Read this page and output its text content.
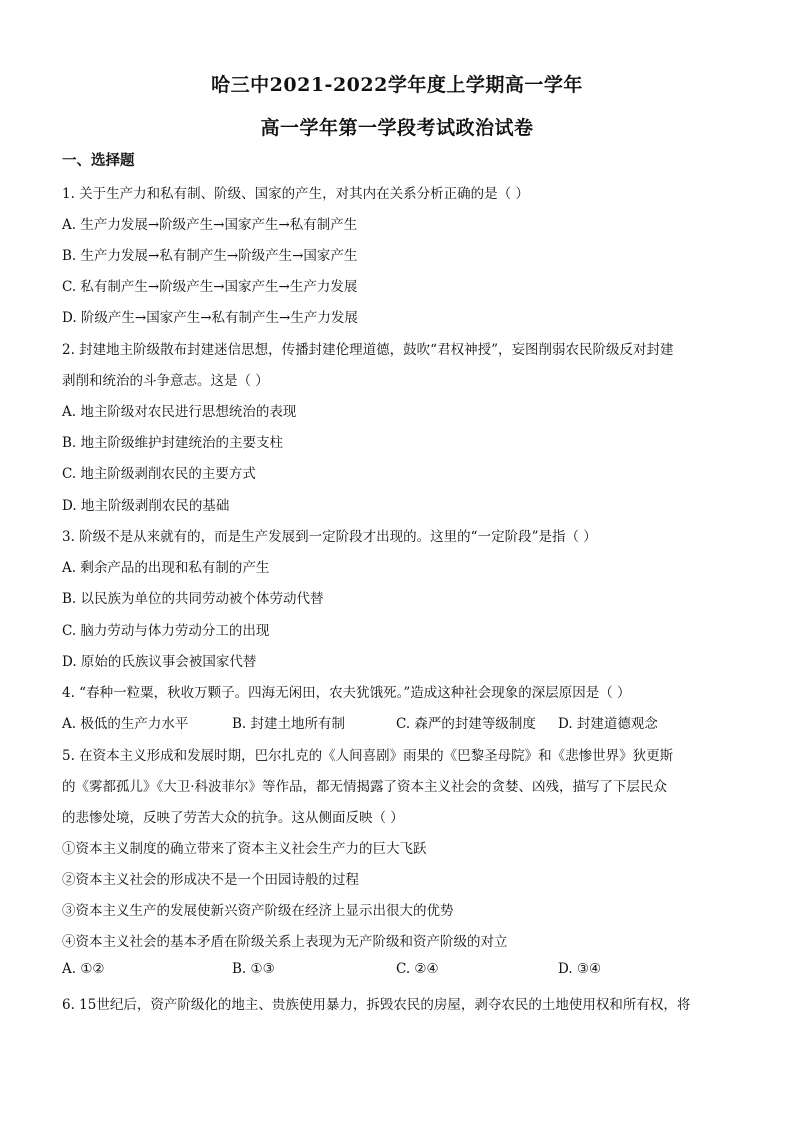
哈三中2021-2022学年度上学期高一学年
高一学年第一学段考试政治试卷
一、选择题
1. 关于生产力和私有制、阶级、国家的产生，对其内在关系分析正确的是（ ）
A. 生产力发展→阶级产生→国家产生→私有制产生
B. 生产力发展→私有制产生→阶级产生→国家产生
C. 私有制产生→阶级产生→国家产生→生产力发展
D. 阶级产生→国家产生→私有制产生→生产力发展
2. 封建地主阶级散布封建迷信思想，传播封建伦理道德，鼓吹“君权神授”，妄图削弱农民阶级反对封建
剥削和统治的斗争意志。这是（ ）
A. 地主阶级对农民进行思想统治的表现
B. 地主阶级维护封建统治的主要支柱
C. 地主阶级剥削农民的主要方式
D. 地主阶级剥削农民的基础
3. 阶级不是从来就有的，而是生产发展到一定阶段才出现的。这里的“一定阶段”是指（ ）
A. 剩余产品的出现和私有制的产生
B. 以民族为单位的共同劳动被个体劳动代替
C. 脑力劳动与体力劳动分工的出现
D. 原始的氏族议事会被国家代替
4. “春种一粒粟，秋收万颗子。四海无闲田，农夫犹饿死。”造成这种社会现象的深层原因是（ ）
A. 极低的生产力水平	B. 封建土地所有制	C. 森严的封建等级制度 D. 封建道德观念
5. 在资本主义形成和发展时期，巴尔扎克的《人间喜剧》雨果的《巴黎圣母院》和《悲惨世界》狄更斯
的《雾都孤儿》《大卫·科波菲尔》等作品，都无情揭露了资本主义社会的贪婪、凶残，描写了下层民众
的悲惨处境，反映了劳苦大众的抗争。这从侧面反映（ ）
①资本主义制度的确立带来了资本主义社会生产力的巨大飞跃
②资本主义社会的形成决不是一个田园诗般的过程
③资本主义生产的发展使新兴资产阶级在经济上显示出很大的优势
④资本主义社会的基本矛盾在阶级关系上表现为无产阶级和资产阶级的对立
A. ①②	B. ①③	C. ②④	D. ③④
6. 15世纪后，资产阶级化的地主、贵族使用暴力，拆毁农民的房屋，剥夺农民的土地使用权和所有权，将
